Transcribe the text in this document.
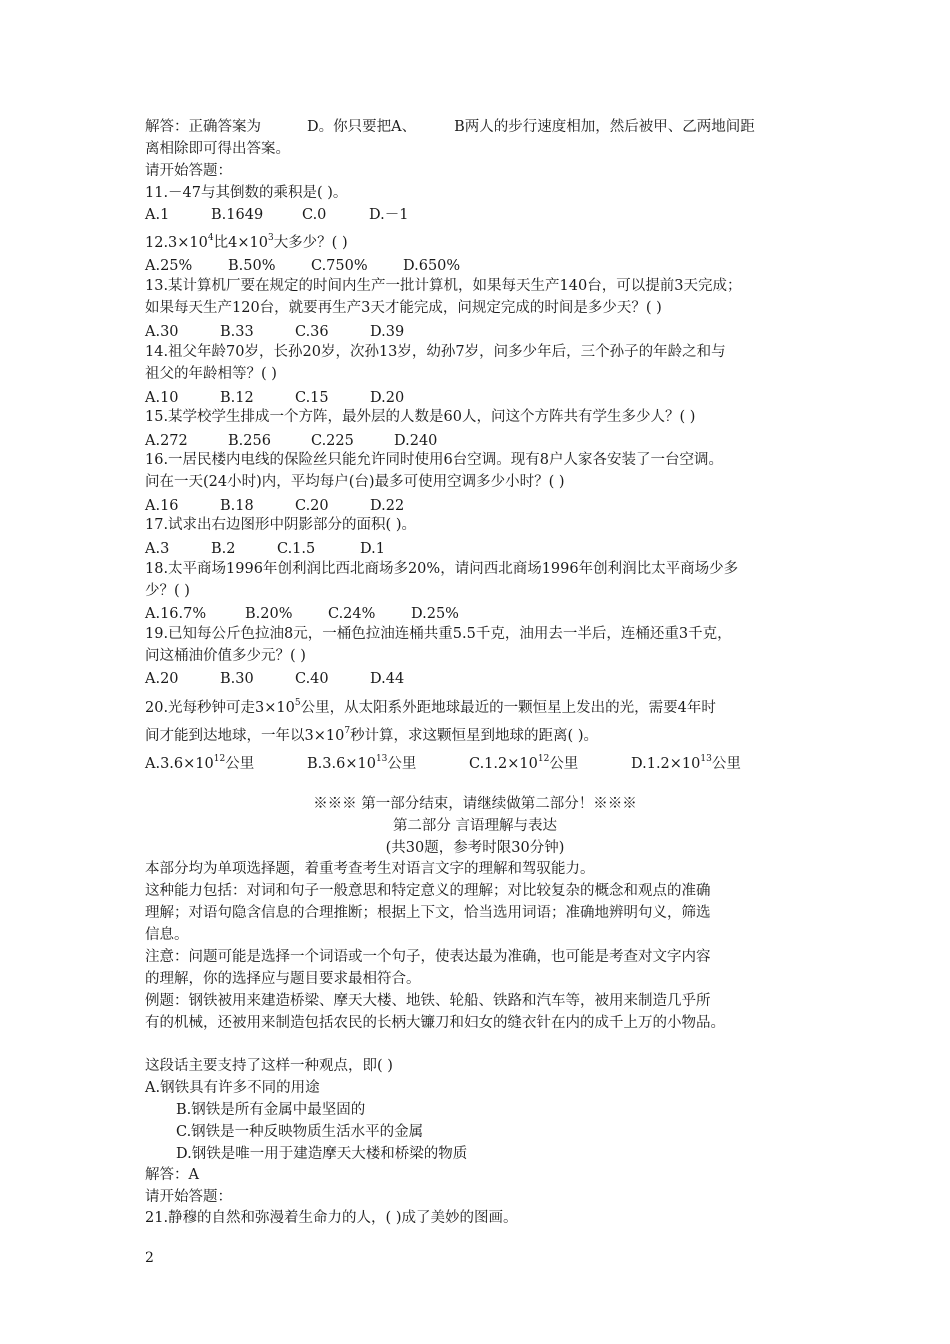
解答：正确答案为	D。你只要把A、	B两人的步行速度相加，然后被甲、乙两地间距
离相除即可得出答案。
请开始答题：
11.－47与其倒数的乘积是( )。
A.1	B.1649	C.0	D.－1
$12.3\times 10^4$比$4\times 10^3$大多少？( )
A.25% B.50% C.750% D.650%
13.某计算机厂要在规定的时间内生产一批计算机，如果每天生产140台，可以提前3天完成；
如果每天生产120台，就要再生产3天才能完成，问规定完成的时间是多少天？( )
A.30	B.33	C.36	D.39
14.祖父年龄70岁，长孙20岁，次孙13岁，幼孙7岁，问多少年后，三个孙子的年龄之和与
祖父的年龄相等？( )
A.10	B.12	C.15	D.20
15.某学校学生排成一个方阵，最外层的人数是60人，问这个方阵共有学生多少人？( )
A.272	B.256	C.225	D.240
16.一居民楼内电线的保险丝只能允许同时使用6台空调。现有8户人家各安装了一台空调。
问在一天(24小时)内，平均每户(台)最多可使用空调多少小时？( )
A.16	B.18	C.20	D.22
17.试求出右边图形中阴影部分的面积( )。
A.3	B.2	C.1.5	D.1
18.太平商场1996年创利润比西北商场多20%，请问西北商场1996年创利润比太平商场少多
少？( )
A.16.7%	B.20% C.24% D.25%
19.已知每公斤色拉油8元，一桶色拉油连桶共重5.5千克，油用去一半后，连桶还重3千克，
问这桶油价值多少元？( )
A.20	B.30	C.40	D.44
20.光每秒钟可走$3\times 10^5$公里，从太阳系外距地球最近的一颗恒星上发出的光，需要4年时
间才能到达地球，一年以$3\times 10^7$秒计算，求这颗恒星到地球的距离( )。
$A.3.6\times 10^{12}$公里	$B.3.6\times 10^{13}$公里	$C.1.2\times 10^{12}$公里	$D.1.2\times 10^{13}$公里
※※※ 第一部分结束，请继续做第二部分！※※※
第二部分 言语理解与表达
(共30题，参考时限30分钟)
本部分均为单项选择题，着重考查考生对语言文字的理解和驾驭能力。
这种能力包括：对词和句子一般意思和特定意义的理解；对比较复杂的概念和观点的准确
理解；对语句隐含信息的合理推断；根据上下文，恰当选用词语；准确地辨明句义，筛选
信息。
注意：问题可能是选择一个词语或一个句子，使表达最为准确，也可能是考查对文字内容
的理解，你的选择应与题目要求最相符合。
例题：钢铁被用来建造桥梁、摩天大楼、地铁、轮船、铁路和汽车等，被用来制造几乎所
有的机械，还被用来制造包括农民的长柄大镰刀和妇女的缝衣针在内的成千上万的小物品。
这段话主要支持了这样一种观点，即( )
A.钢铁具有许多不同的用途
B.钢铁是所有金属中最坚固的
C.钢铁是一种反映物质生活水平的金属
D.钢铁是唯一用于建造摩天大楼和桥梁的物质
解答：A
请开始答题：
21.静穆的自然和弥漫着生命力的人，( )成了美妙的图画。
2
